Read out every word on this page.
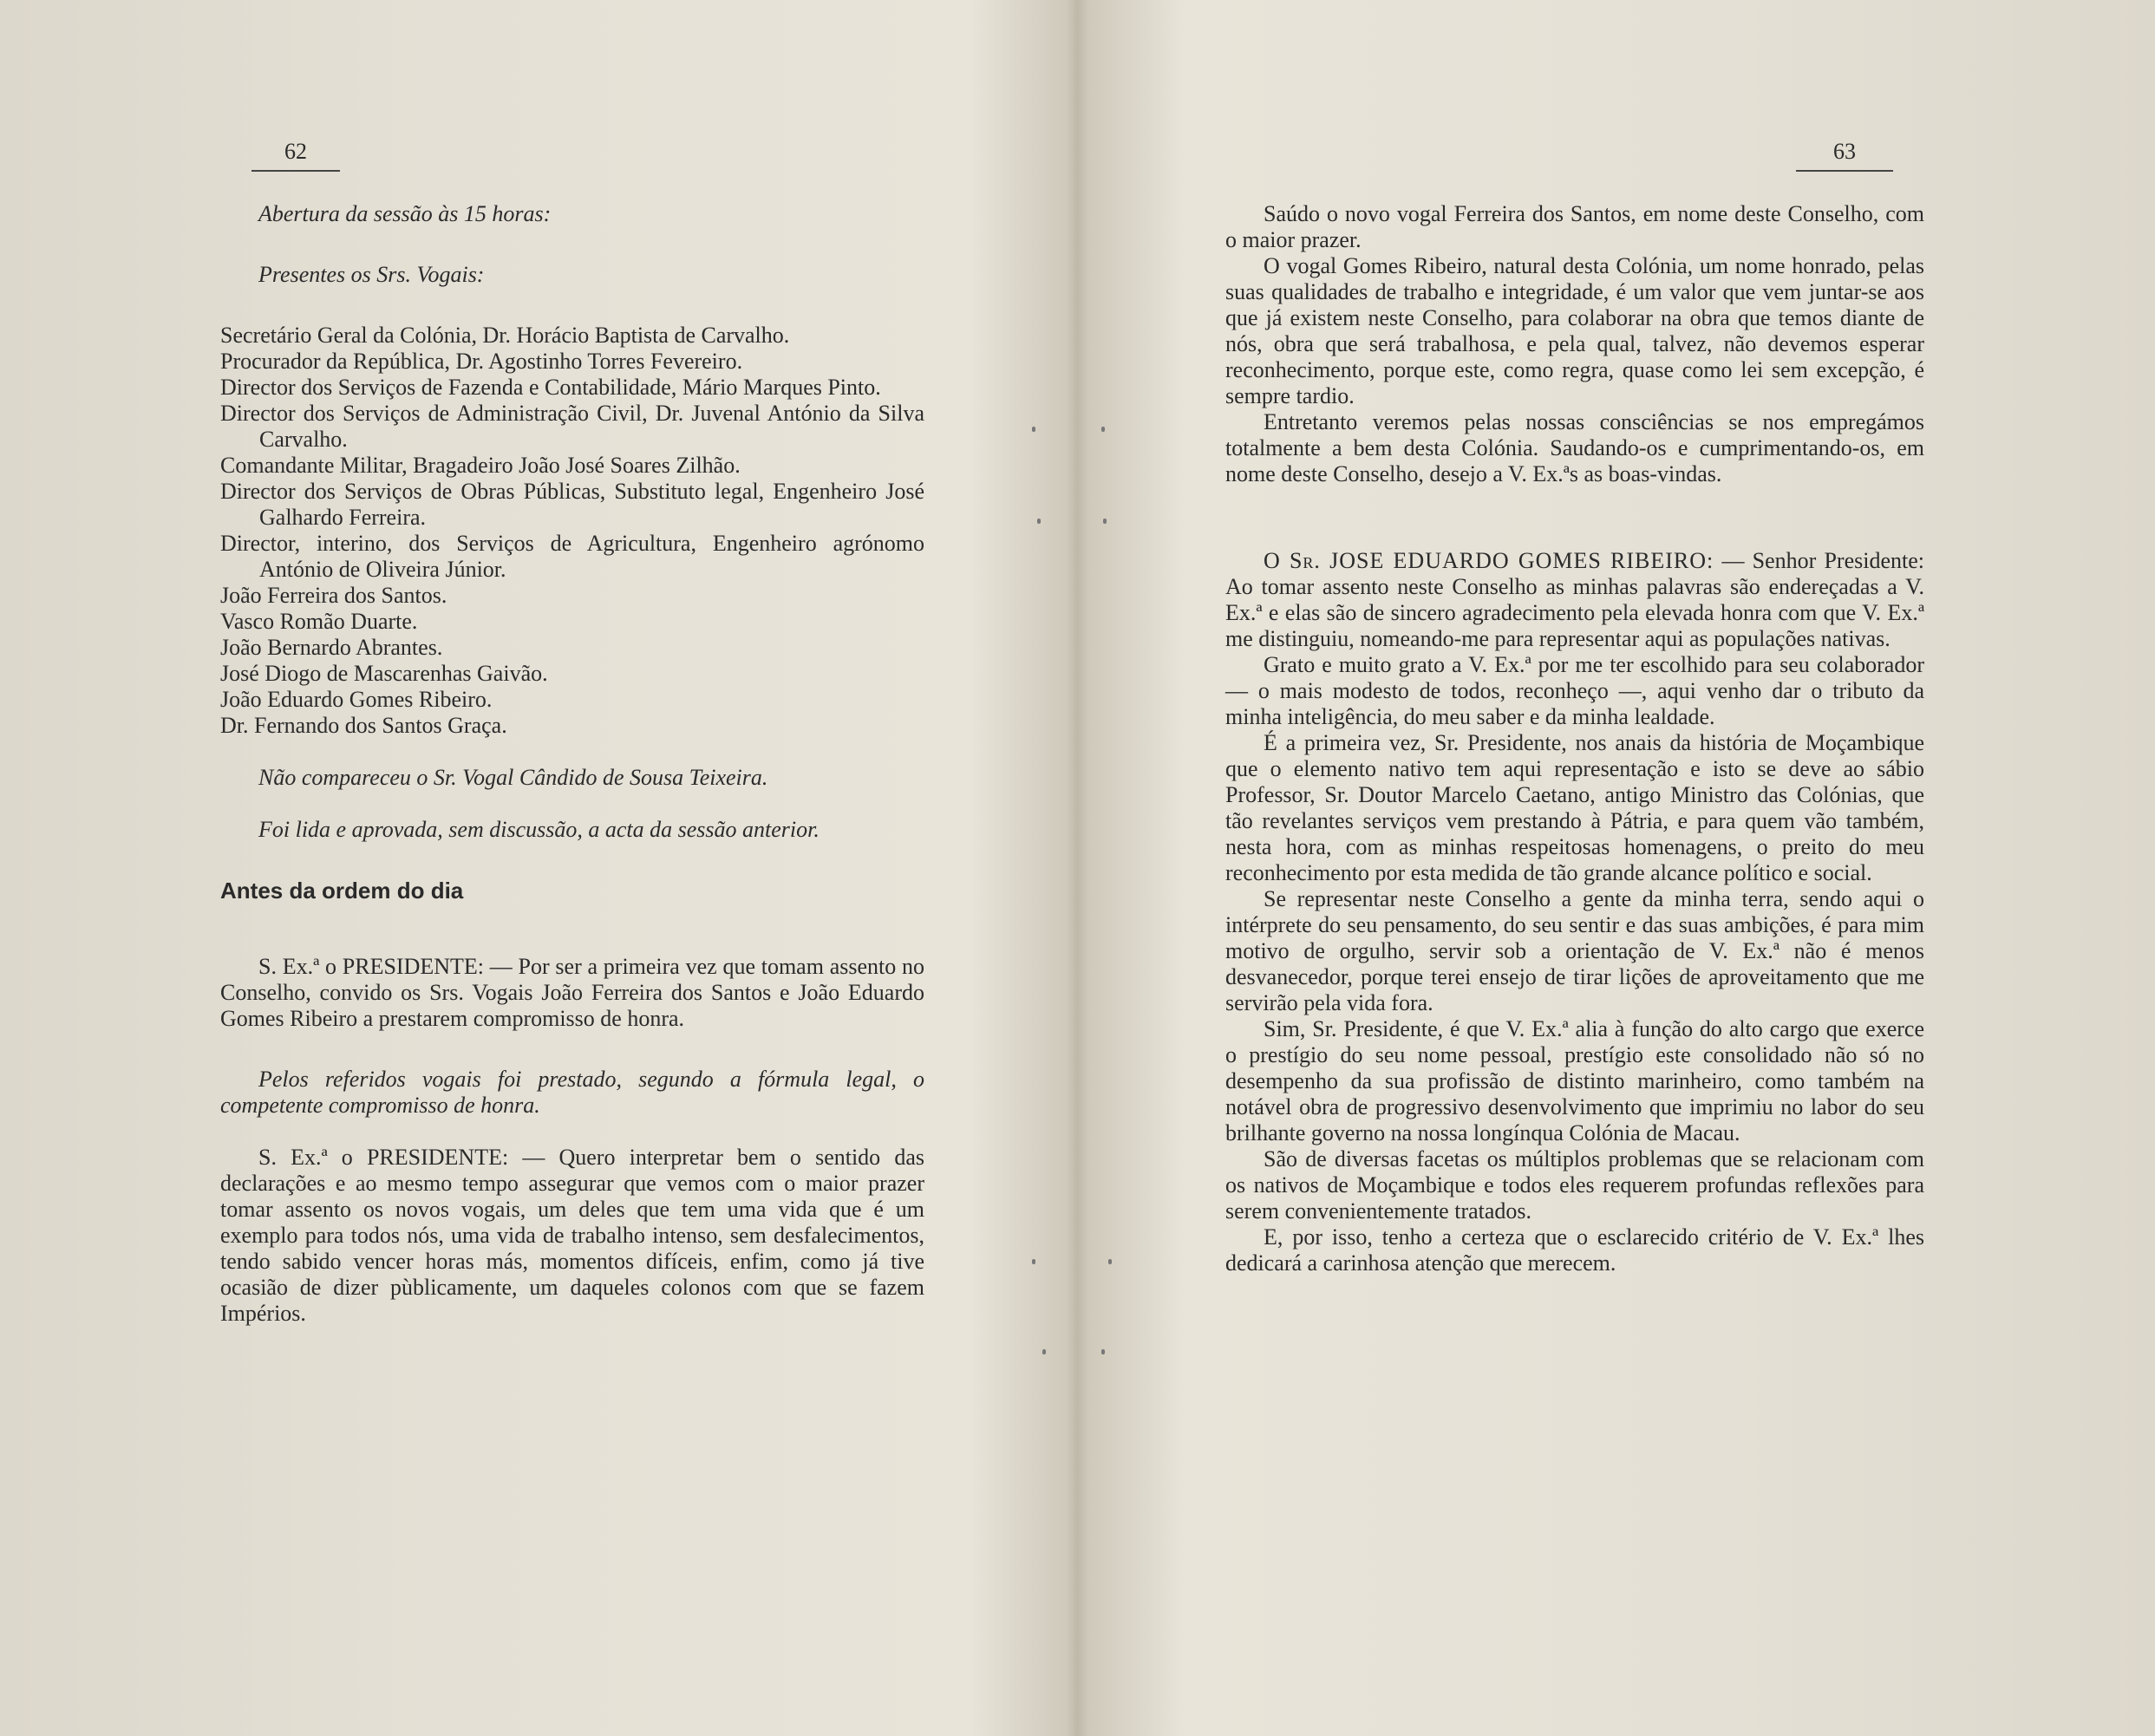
62

Abertura da sessão às 15 horas:

Presentes os Srs. Vogais:

Secretário Geral da Colónia, Dr. Horácio Baptista de Carvalho.

Procurador da República, Dr. Agostinho Torres Fevereiro.

Director dos Serviços de Fazenda e Contabilidade, Mário Marques Pinto.

Director dos Serviços de Administração Civil, Dr. Juvenal António da Silva Carvalho.

Comandante Militar, Bragadeiro João José Soares Zilhão.

Director dos Serviços de Obras Públicas, Substituto legal, Engenheiro José Galhardo Ferreira.

Director, interino, dos Serviços de Agricultura, Engenheiro agrónomo António de Oliveira Júnior.

João Ferreira dos Santos.

Vasco Romão Duarte.

João Bernardo Abrantes.

José Diogo de Mascarenhas Gaivão.

João Eduardo Gomes Ribeiro.

Dr. Fernando dos Santos Graça.

Não compareceu o Sr. Vogal Cândido de Sousa Teixeira.

Foi lida e aprovada, sem discussão, a acta da sessão anterior.

Antes da ordem do dia

S. Ex.ª o PRESIDENTE: — Por ser a primeira vez que tomam assento no Conselho, convido os Srs. Vogais João Ferreira dos Santos e João Eduardo Gomes Ribeiro a prestarem compromisso de honra.

Pelos referidos vogais foi prestado, segundo a fórmula legal, o competente compromisso de honra.

S. Ex.ª o PRESIDENTE: — Quero interpretar bem o sentido das declarações e ao mesmo tempo assegurar que vemos com o maior prazer tomar assento os novos vogais, um deles que tem uma vida que é um exemplo para todos nós, uma vida de trabalho intenso, sem desfalecimentos, tendo sabido vencer horas más, momentos difíceis, enfim, como já tive ocasião de dizer pùblicamente, um daqueles colonos com que se fazem Impérios.

63

Saúdo o novo vogal Ferreira dos Santos, em nome deste Conselho, com o maior prazer.

O vogal Gomes Ribeiro, natural desta Colónia, um nome honrado, pelas suas qualidades de trabalho e integridade, é um valor que vem juntar-se aos que já existem neste Conselho, para colaborar na obra que temos diante de nós, obra que será trabalhosa, e pela qual, talvez, não devemos esperar reconhecimento, porque este, como regra, quase como lei sem excepção, é sempre tardio.

Entretanto veremos pelas nossas consciências se nos empregámos totalmente a bem desta Colónia. Saudando-os e cumprimentando-os, em nome deste Conselho, desejo a V. Ex.ªs as boas-vindas.

O Sr. JOSE EDUARDO GOMES RIBEIRO: — Senhor Presidente: Ao tomar assento neste Conselho as minhas palavras são endereçadas a V. Ex.ª e elas são de sincero agradecimento pela elevada honra com que V. Ex.ª me distinguiu, nomeando-me para representar aqui as populações nativas.

Grato e muito grato a V. Ex.ª por me ter escolhido para seu colaborador — o mais modesto de todos, reconheço —, aqui venho dar o tributo da minha inteligência, do meu saber e da minha lealdade.

É a primeira vez, Sr. Presidente, nos anais da história de Moçambique que o elemento nativo tem aqui representação e isto se deve ao sábio Professor, Sr. Doutor Marcelo Caetano, antigo Ministro das Colónias, que tão revelantes serviços vem prestando à Pátria, e para quem vão também, nesta hora, com as minhas respeitosas homenagens, o preito do meu reconhecimento por esta medida de tão grande alcance político e social.

Se representar neste Conselho a gente da minha terra, sendo aqui o intérprete do seu pensamento, do seu sentir e das suas ambições, é para mim motivo de orgulho, servir sob a orientação de V. Ex.ª não é menos desvanecedor, porque terei ensejo de tirar lições de aproveitamento que me servirão pela vida fora.

Sim, Sr. Presidente, é que V. Ex.ª alia à função do alto cargo que exerce o prestígio do seu nome pessoal, prestígio este consolidado não só no desempenho da sua profissão de distinto marinheiro, como também na notável obra de progressivo desenvolvimento que imprimiu no labor do seu brilhante governo na nossa longínqua Colónia de Macau.

São de diversas facetas os múltiplos problemas que se relacionam com os nativos de Moçambique e todos eles requerem profundas reflexões para serem convenientemente tratados.

E, por isso, tenho a certeza que o esclarecido critério de V. Ex.ª lhes dedicará a carinhosa atenção que merecem.
